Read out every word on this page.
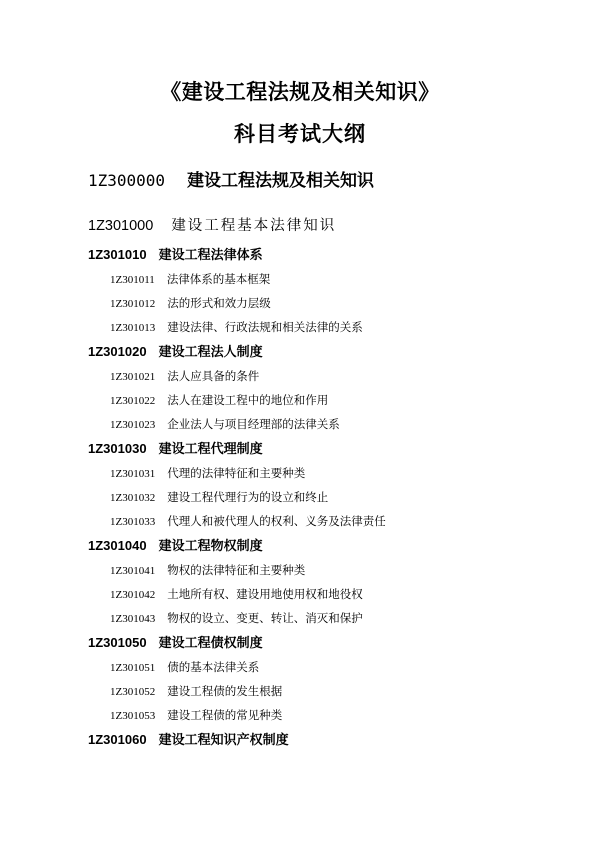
《建设工程法规及相关知识》
科目考试大纲
1Z300000 建设工程法规及相关知识
1Z301000 建设工程基本法律知识
1Z301010 建设工程法律体系
1Z301011 法律体系的基本框架
1Z301012 法的形式和效力层级
1Z301013 建设法律、行政法规和相关法律的关系
1Z301020 建设工程法人制度
1Z301021 法人应具备的条件
1Z301022 法人在建设工程中的地位和作用
1Z301023 企业法人与项目经理部的法律关系
1Z301030 建设工程代理制度
1Z301031 代理的法律特征和主要种类
1Z301032 建设工程代理行为的设立和终止
1Z301033 代理人和被代理人的权利、义务及法律责任
1Z301040 建设工程物权制度
1Z301041 物权的法律特征和主要种类
1Z301042 土地所有权、建设用地使用权和地役权
1Z301043 物权的设立、变更、转让、消灭和保护
1Z301050 建设工程债权制度
1Z301051 债的基本法律关系
1Z301052 建设工程债的发生根据
1Z301053 建设工程债的常见种类
1Z301060 建设工程知识产权制度
